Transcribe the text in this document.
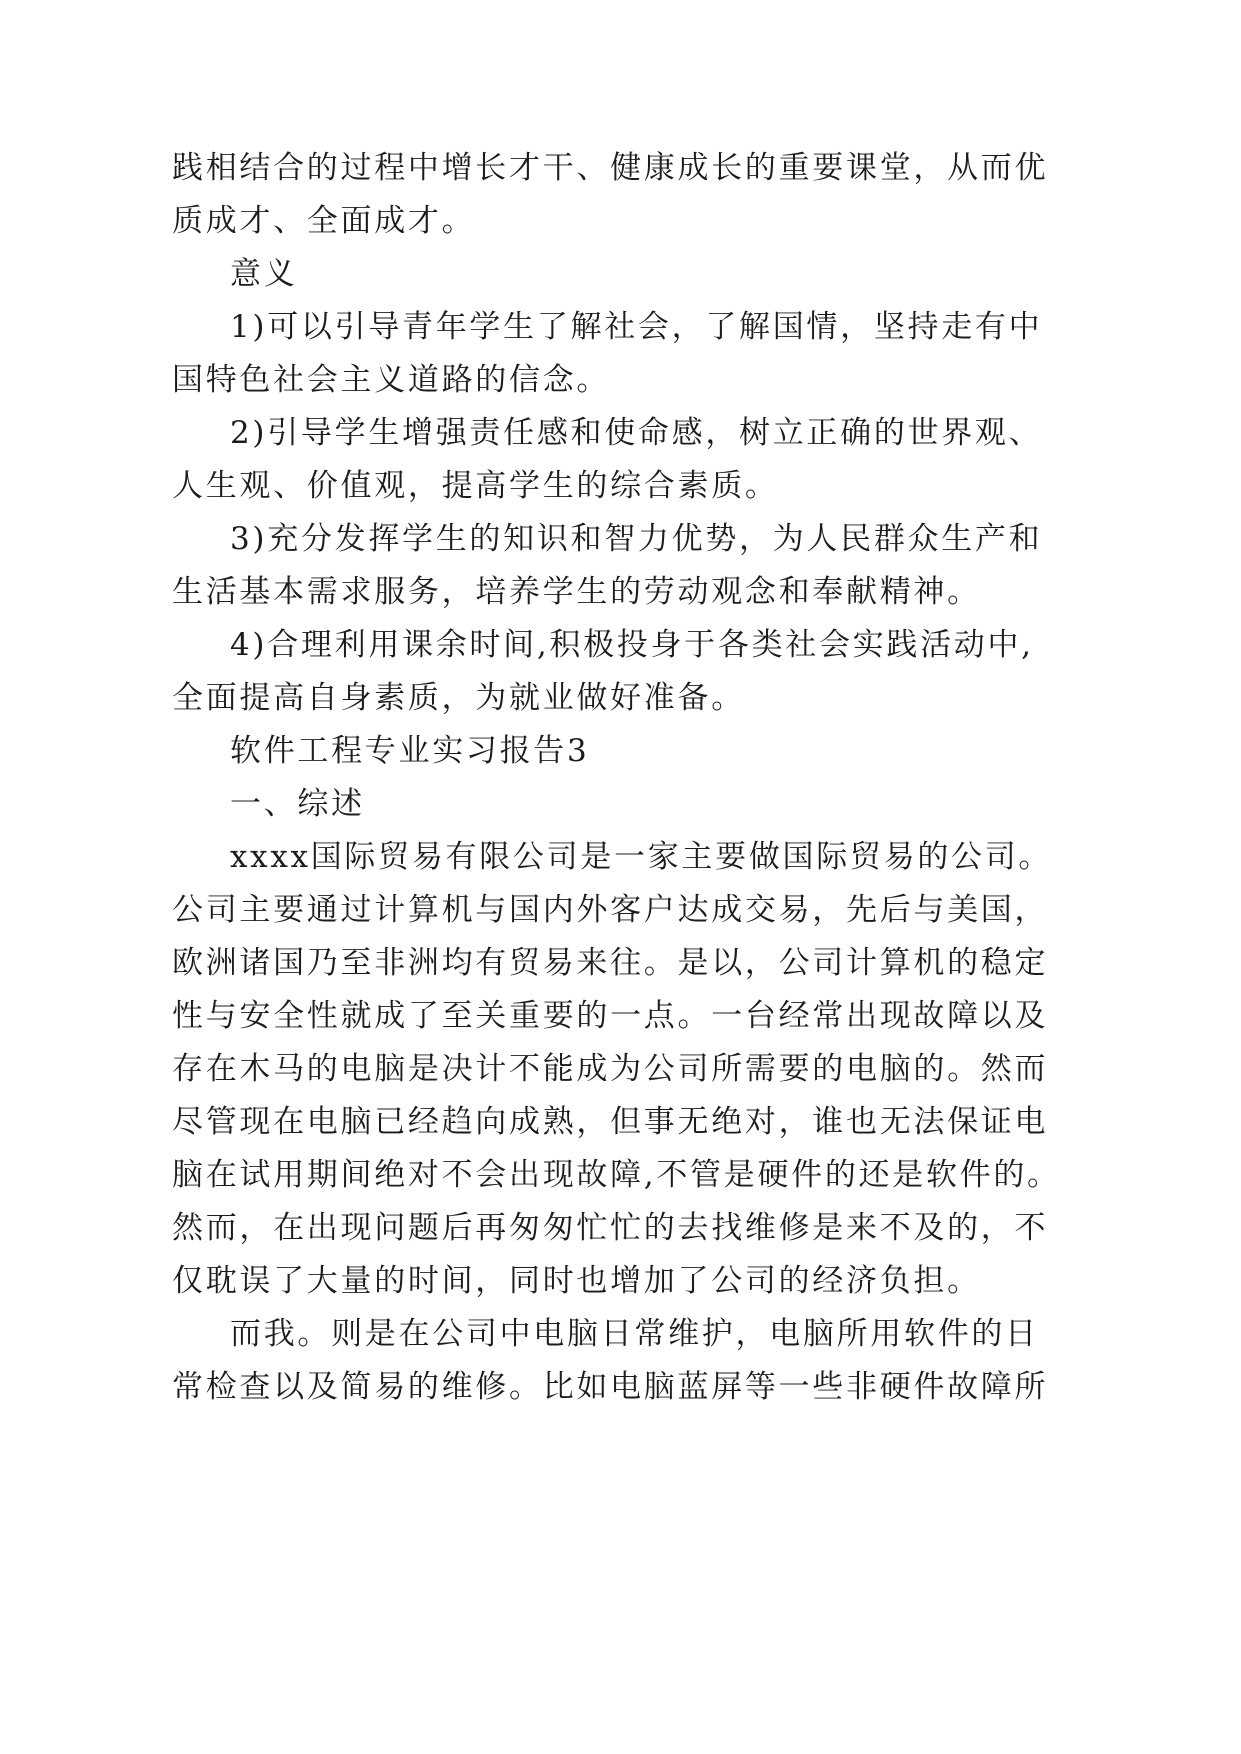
践相结合的过程中增长才干、健康成长的重要课堂，从而优
质成才、全面成才。
意义
1)可以引导青年学生了解社会，了解国情，坚持走有中
国特色社会主义道路的信念。
2)引导学生增强责任感和使命感，树立正确的世界观、
人生观、价值观，提高学生的综合素质。
3)充分发挥学生的知识和智力优势，为人民群众生产和
生活基本需求服务，培养学生的劳动观念和奉献精神。
4)合理利用课余时间,积极投身于各类社会实践活动中,
全面提高自身素质，为就业做好准备。
软件工程专业实习报告3
一、综述
xxxx国际贸易有限公司是一家主要做国际贸易的公司。
公司主要通过计算机与国内外客户达成交易，先后与美国，
欧洲诸国乃至非洲均有贸易来往。是以，公司计算机的稳定
性与安全性就成了至关重要的一点。一台经常出现故障以及
存在木马的电脑是决计不能成为公司所需要的电脑的。然而
尽管现在电脑已经趋向成熟，但事无绝对，谁也无法保证电
脑在试用期间绝对不会出现故障,不管是硬件的还是软件的。
然而，在出现问题后再匆匆忙忙的去找维修是来不及的，不
仅耽误了大量的时间，同时也增加了公司的经济负担。
而我。则是在公司中电脑日常维护，电脑所用软件的日
常检查以及简易的维修。比如电脑蓝屏等一些非硬件故障所
